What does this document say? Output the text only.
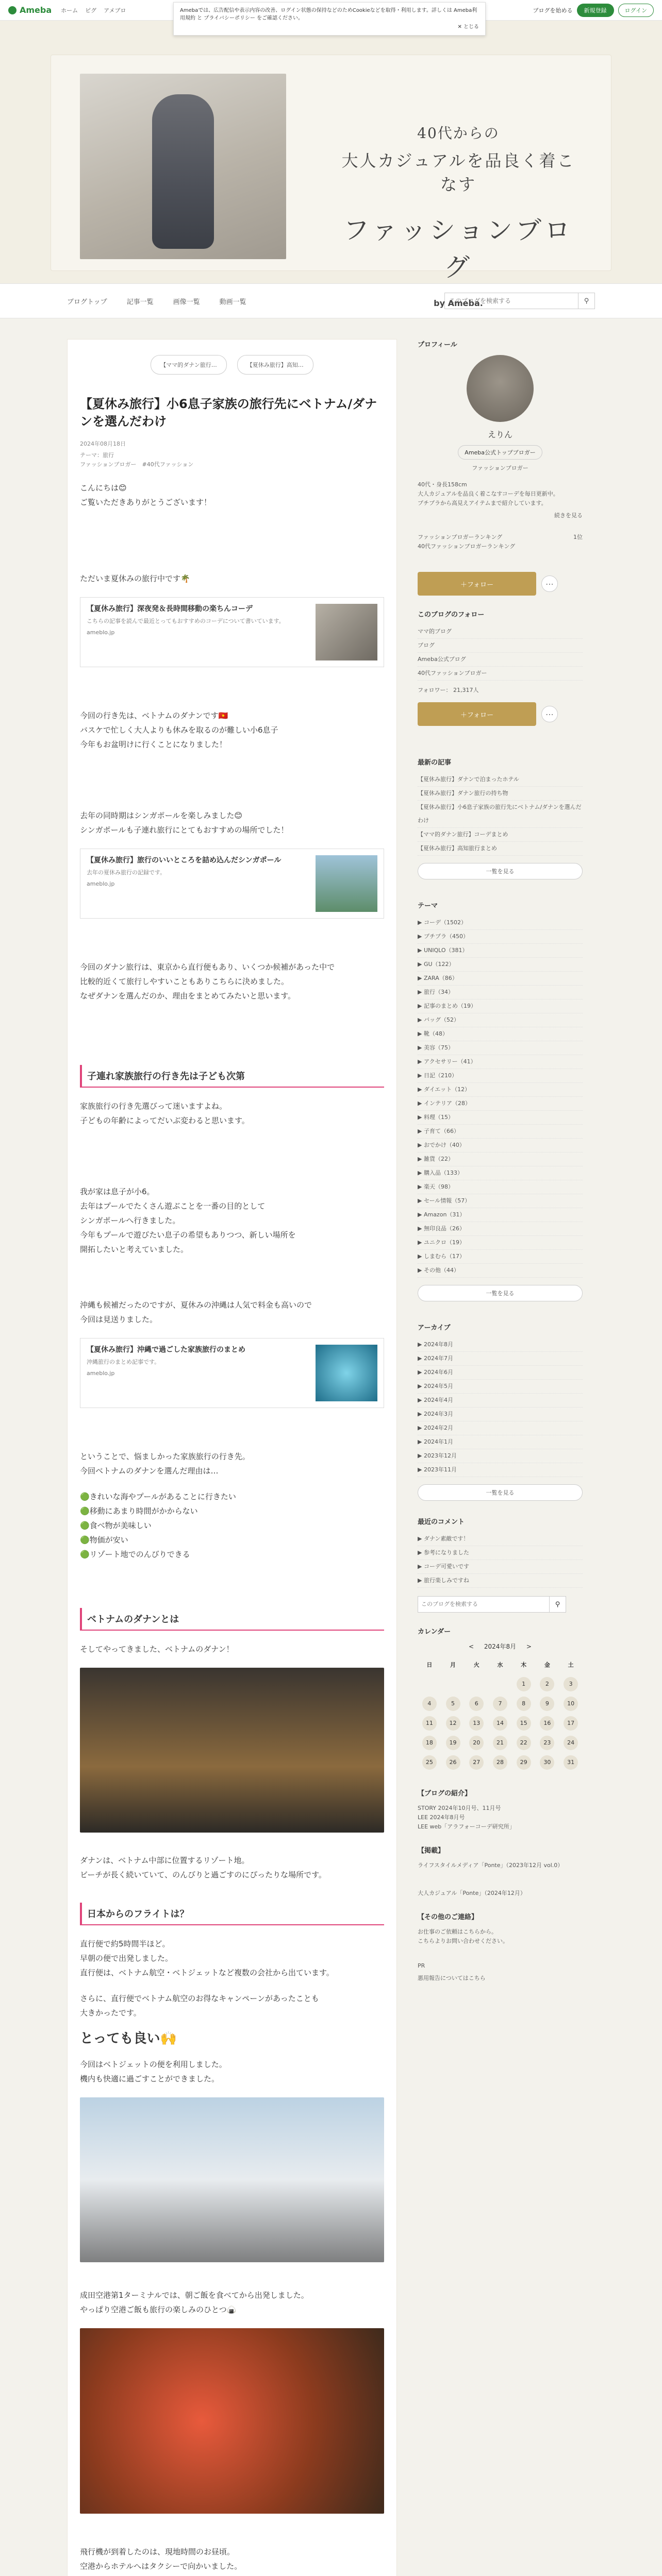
Ameba ホーム ピグ アメブロ	ブログを始める	新規登録	ログイン
Amebaでは、広告配信や表示内容の改善、ログイン状態の保持などのためCookieなどを取得・利用します。詳しくは Ameba利用規約 と プライバシーポリシー をご確認ください。
✕ とじる
40代からの
大人カジュアルを品良く着こなす
ファッションブログ
by Ameba.
ブログトップ	記事一覧	画像一覧	動画一覧
このブログを検索する	⚲
【ママ的ダナン旅行…	【夏休み旅行】高知…
【夏休み旅行】小6息子家族の旅行先にベトナム/ダナンを選んだわけ
2024年08月18日
テーマ：旅行
ファッションブロガー　#40代ファッション

こんにちは😊
ご覧いただきありがとうございます！

ただいま夏休みの旅行中です🌴

【夏休み旅行】深夜発＆長時間移動の楽ちんコーデ
こちらの記事を読んで最近とってもおすすめのコーデについて書いています。
ameblo.jp

今回の行き先は、ベトナムのダナンです🇻🇳
バスケで忙しく大人よりも休みを取るのが難しい小6息子
今年もお盆明けに行くことになりました！

去年の同時期はシンガポールを楽しみました😊
シンガポールも子連れ旅行にとてもおすすめの場所でした！

【夏休み旅行】旅行のいいところを詰め込んだシンガポール
去年の夏休み旅行の記録です。
ameblo.jp

今回のダナン旅行は、東京から直行便もあり、いくつか候補があった中で
比較的近くて旅行しやすいこともありこちらに決めました。
なぜダナンを選んだのか、理由をまとめてみたいと思います。

子連れ家族旅行の行き先は子ども次第

家族旅行の行き先選びって迷いますよね。
子どもの年齢によってだいぶ変わると思います。

我が家は息子が小6。
去年はプールでたくさん遊ぶことを一番の目的として
シンガポールへ行きました。
今年もプールで遊びたい息子の希望もありつつ、新しい場所を
開拓したいと考えていました。

沖縄も候補だったのですが、夏休みの沖縄は人気で料金も高いので
今回は見送りました。

【夏休み旅行】沖縄で過ごした家族旅行のまとめ
沖縄旅行のまとめ記事です。
ameblo.jp

ということで、悩ましかった家族旅行の行き先。
今回ベトナムのダナンを選んだ理由は…

🟢きれいな海やプールがあることに行きたい
🟢移動にあまり時間がかからない
🟢食べ物が美味しい
🟢物価が安い
🟢リゾート地でのんびりできる

ベトナムのダナンとは

そしてやってきました、ベトナムのダナン！

ダナンは、ベトナム中部に位置するリゾート地。
ビーチが長く続いていて、のんびりと過ごすのにぴったりな場所です。

日本からのフライトは？

直行便で約5時間半ほど。
早朝の便で出発しました。
直行便は、ベトナム航空・ベトジェットなど複数の会社から出ています。

さらに、直行便でベトナム航空のお得なキャンペーンがあったことも
大きかったです。

とっても良い🙌

今回はベトジェットの便を利用しました。
機内も快適に過ごすことができました。

成田空港第1ターミナルでは、朝ご飯を食べてから出発しました。
やっぱり空港ご飯も旅行の楽しみのひとつ🍙

飛行機が到着したのは、現地時間のお昼頃。
空港からホテルへはタクシーで向かいました。

プロフィール
えりん
Ameba公式トップブロガー
ファッションブロガー
40代・身長158cm
大人カジュアルを品良く着こなすコーデを毎日更新中。
プチプラから高見えアイテムまで紹介しています。
続きを見る
ファッションブロガーランキング	1位

40代ファッションブロガーランキング
＋フォロー	⋯
このブログのフォロー
ママ的ブログ
ブログ
Ameba公式ブログ
40代ファッションブロガー
フォロワー： 21,317人
＋フォロー	⋯
最新の記事
【夏休み旅行】ダナンで泊まったホテル
【夏休み旅行】ダナン旅行の持ち物
【夏休み旅行】小6息子家族の旅行先にベトナム/ダナンを選んだわけ
【ママ的ダナン旅行】コーデまとめ
【夏休み旅行】高知旅行まとめ
一覧を見る
テーマ
▶ コーデ（1502）
▶ プチプラ（450）
▶ UNIQLO（381）
▶ GU（122）
▶ ZARA（86）
▶ 旅行（34）
▶ 記事のまとめ（19）
▶ バッグ（52）
▶ 靴（48）
▶ 美容（75）
▶ アクセサリー（41）
▶ 日記（210）
▶ ダイエット（12）
▶ インテリア（28）
▶ 料理（15）
▶ 子育て（66）
▶ おでかけ（40）
▶ 雑貨（22）
▶ 購入品（133）
▶ 楽天（98）
▶ セール情報（57）
▶ Amazon（31）
▶ 無印良品（26）
▶ ユニクロ（19）
▶ しまむら（17）
▶ その他（44）
一覧を見る
アーカイブ
▶ 2024年8月
▶ 2024年7月
▶ 2024年6月
▶ 2024年5月
▶ 2024年4月
▶ 2024年3月
▶ 2024年2月
▶ 2024年1月
▶ 2023年12月
▶ 2023年11月
一覧を見る
最近のコメント
▶ ダナン素敵です！
▶ 参考になりました
▶ コーデ可愛いです
▶ 旅行楽しみですね
このブログを検索する
⚲
カレンダー
< 2024年8月 >
日	月	火	水	木	金	土
				1	2	3
4	5	6	7	8	9	10
11	12	13	14	15	16	17
18	19	20	21	22	23	24
25	26	27	28	29	30	31
【ブログの紹介】
STORY 2024年10月号、11月号
LEE 2024年8月号
LEE web「アラフォーコーデ研究所」
【掲載】
ライフスタイルメディア「Ponte」（2023年12月 vol.0）

大人カジュアル「Ponte」（2024年12月）
【その他のご連絡】
お仕事のご依頼はこちらから。
こちらよりお問い合わせください。
PR
悪用報告についてはこちら
